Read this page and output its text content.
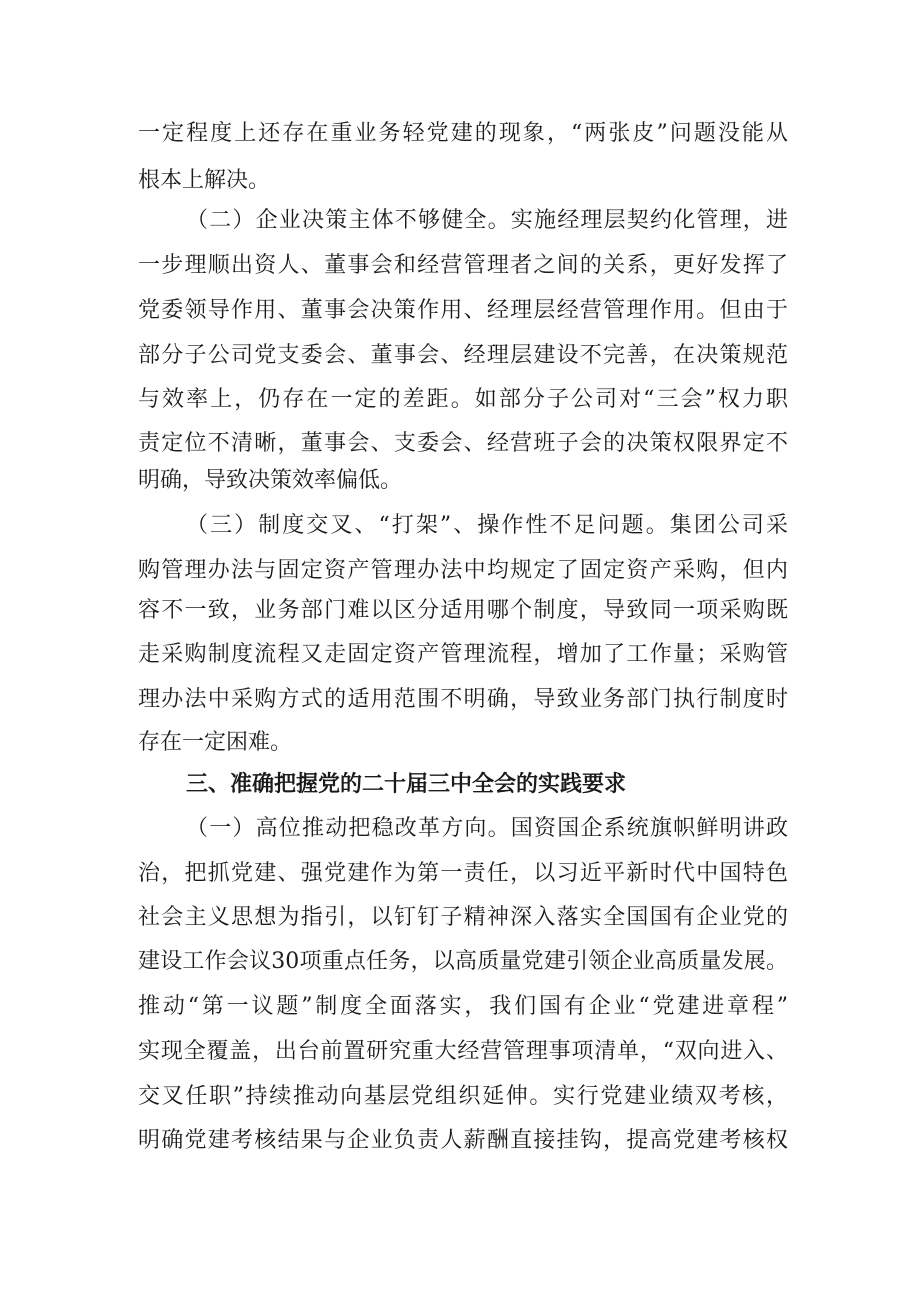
一定程度上还存在重业务轻党建的现象，“两张皮”问题没能从
根本上解决。
（二）企业决策主体不够健全。实施经理层契约化管理，进
一步理顺出资人、董事会和经营管理者之间的关系，更好发挥了
党委领导作用、董事会决策作用、经理层经营管理作用。但由于
部分子公司党支委会、董事会、经理层建设不完善，在决策规范
与效率上，仍存在一定的差距。如部分子公司对“三会”权力职
责定位不清晰，董事会、支委会、经营班子会的决策权限界定不
明确，导致决策效率偏低。
（三）制度交叉、“打架”、操作性不足问题。集团公司采
购管理办法与固定资产管理办法中均规定了固定资产采购，但内
容不一致，业务部门难以区分适用哪个制度，导致同一项采购既
走采购制度流程又走固定资产管理流程，增加了工作量；采购管
理办法中采购方式的适用范围不明确，导致业务部门执行制度时
存在一定困难。
三、准确把握党的二十届三中全会的实践要求
（一）高位推动把稳改革方向。国资国企系统旗帜鲜明讲政
治，把抓党建、强党建作为第一责任，以习近平新时代中国特色
社会主义思想为指引，以钉钉子精神深入落实全国国有企业党的
建设工作会议30项重点任务，以高质量党建引领企业高质量发展。
推动“第一议题”制度全面落实，我们国有企业“党建进章程”
实现全覆盖，出台前置研究重大经营管理事项清单，“双向进入、
交叉任职”持续推动向基层党组织延伸。实行党建业绩双考核，
明确党建考核结果与企业负责人薪酬直接挂钩，提高党建考核权
